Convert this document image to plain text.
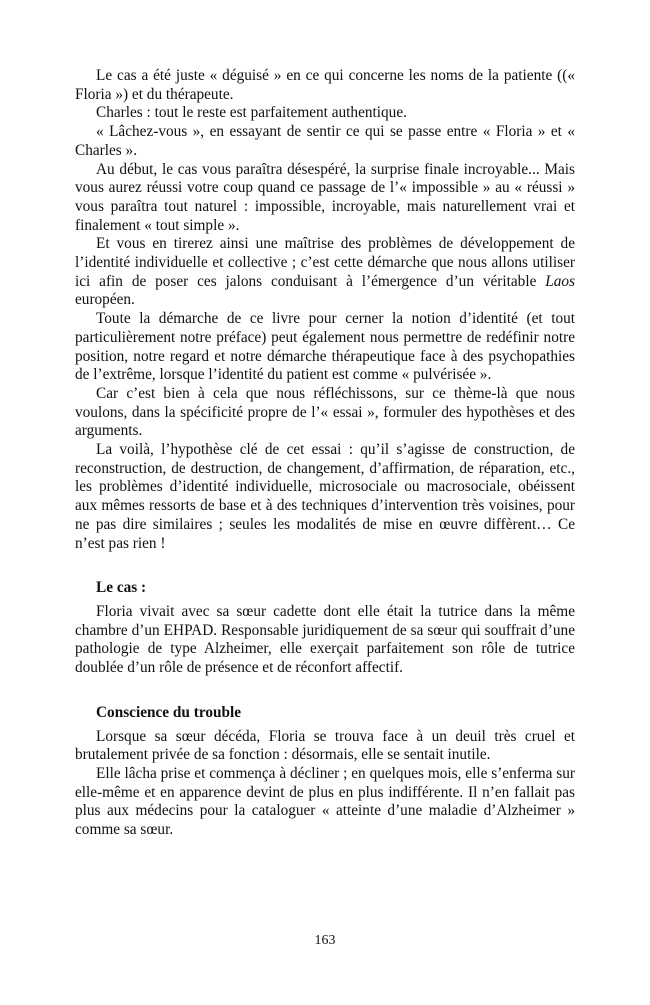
Le cas a été juste « déguisé » en ce qui concerne les noms de la patiente ((« Floria ») et du thérapeute.

Charles : tout le reste est parfaitement authentique.

« Lâchez-vous », en essayant de sentir ce qui se passe entre « Floria » et « Charles ».

Au début, le cas vous paraîtra désespéré, la surprise finale incroyable... Mais vous aurez réussi votre coup quand ce passage de l’« impossible » au « réussi » vous paraîtra tout naturel : impossible, incroyable, mais naturellement vrai et finalement « tout simple ».

Et vous en tirerez ainsi une maîtrise des problèmes de développement de l’identité individuelle et collective ; c’est cette démarche que nous allons utiliser ici afin de poser ces jalons conduisant à l’émergence d’un véritable Laos européen.

Toute la démarche de ce livre pour cerner la notion d’identité (et tout particulièrement notre préface) peut également nous permettre de redéfinir notre position, notre regard et notre démarche thérapeutique face à des psychopathies de l’extrême, lorsque l’identité du patient est comme « pulvérisée ».

Car c’est bien à cela que nous réfléchissons, sur ce thème-là que nous voulons, dans la spécificité propre de l’« essai », formuler des hypothèses et des arguments.

La voilà, l’hypothèse clé de cet essai : qu’il s’agisse de construction, de reconstruction, de destruction, de changement, d’affirmation, de réparation, etc., les problèmes d’identité individuelle, microsociale ou macrosociale, obéissent aux mêmes ressorts de base et à des techniques d’intervention très voisines, pour ne pas dire similaires ; seules les modalités de mise en œuvre diffèrent… Ce n’est pas rien !

Le cas :

Floria vivait avec sa sœur cadette dont elle était la tutrice dans la même chambre d’un EHPAD. Responsable juridiquement de sa sœur qui souffrait d’une pathologie de type Alzheimer, elle exerçait parfaitement son rôle de tutrice doublée d’un rôle de présence et de réconfort affectif.

Conscience du trouble

Lorsque sa sœur décéda, Floria se trouva face à un deuil très cruel et brutalement privée de sa fonction : désormais, elle se sentait inutile.

Elle lâcha prise et commença à décliner ; en quelques mois, elle s’enferma sur elle-même et en apparence devint de plus en plus indifférente. Il n’en fallait pas plus aux médecins pour la cataloguer « atteinte d’une maladie d’Alzheimer » comme sa sœur.

163
